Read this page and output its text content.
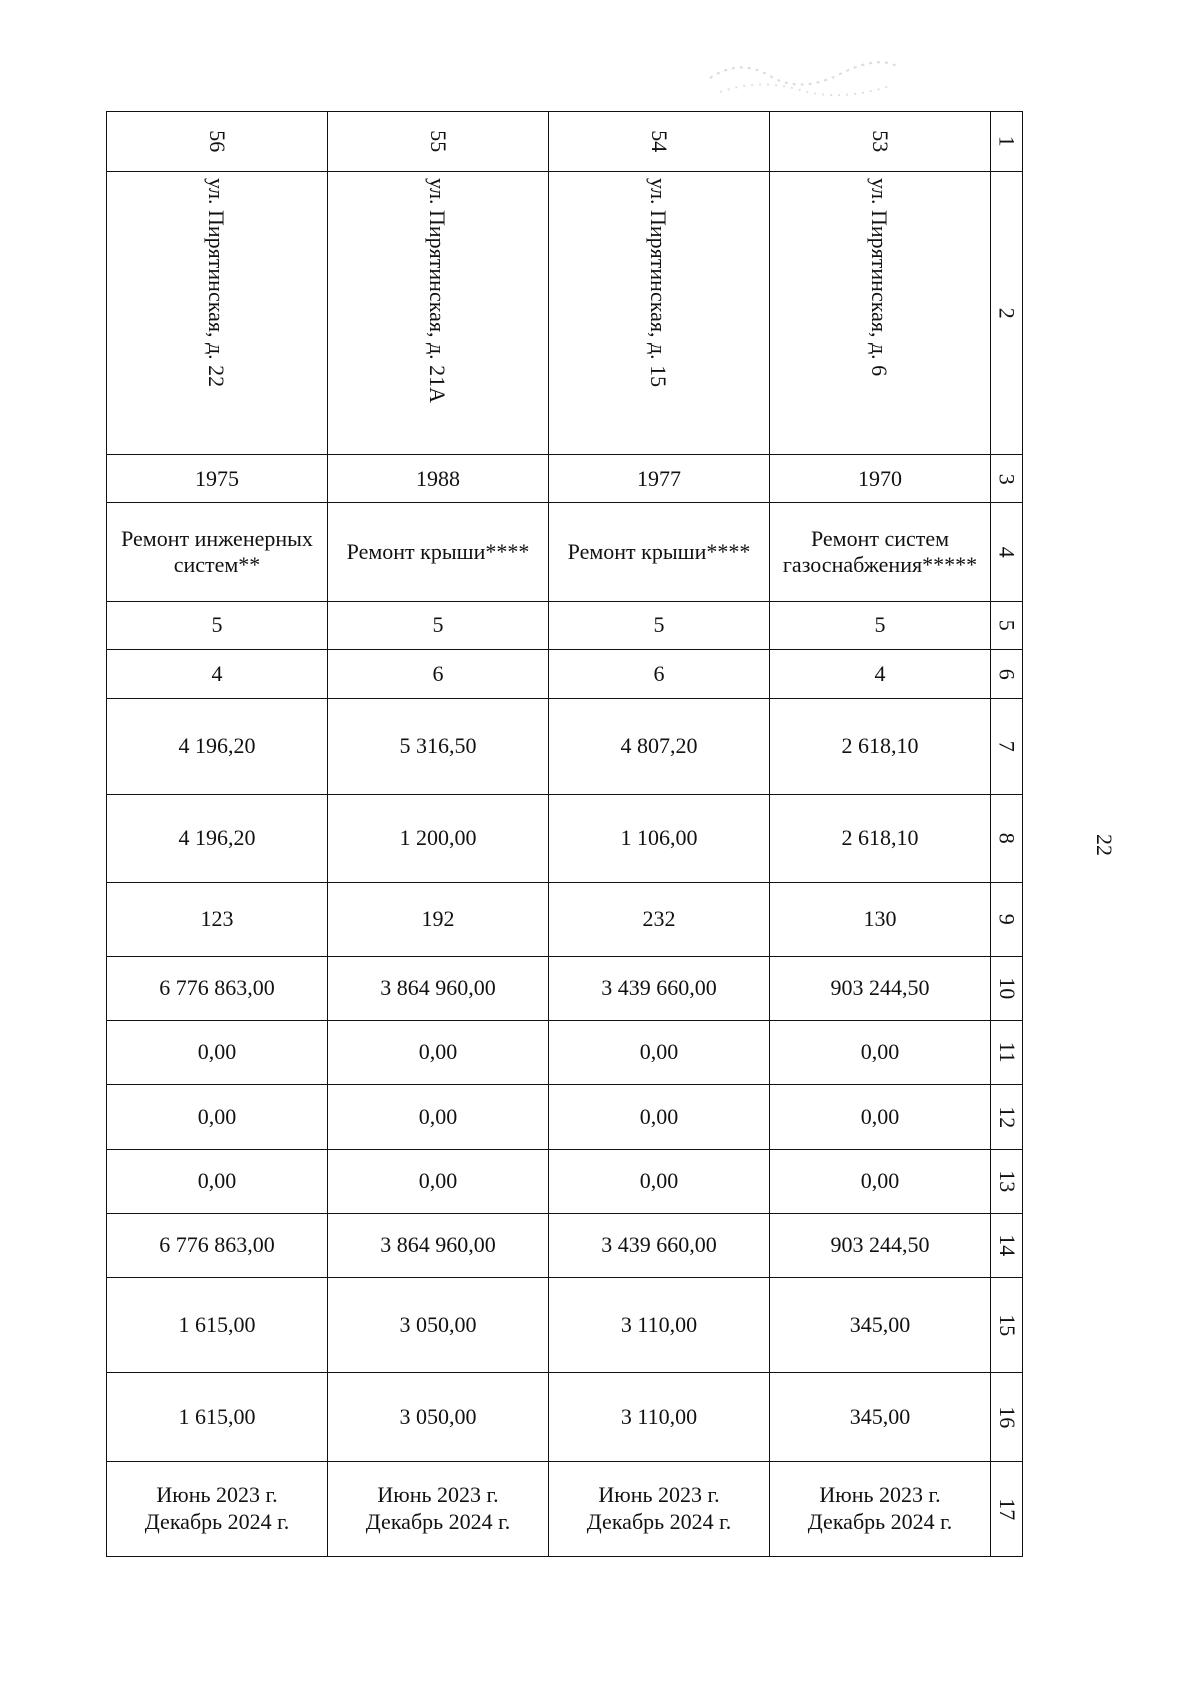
22
56	55	54	53	1

ул. Пирятинская, д. 22	ул. Пирятинская, д. 21А	ул. Пирятинская, д. 15	ул. Пирятинская, д. 6	2
1975	1988	1977	1970	3

Ремонт инженерных
систем**	Ремонт крыши****	Ремонт крыши****	Ремонт систем
газоснабжения*****	4
5	5	5	5	5
4	6	6	4	6
4 196,20	5 316,50	4 807,20	2 618,10	7
4 196,20	1 200,00	1 106,00	2 618,10	8
123	192	232	130	9
6 776 863,00	3 864 960,00	3 439 660,00	903 244,50	10
0,00	0,00	0,00	0,00	11
0,00	0,00	0,00	0,00	12
0,00	0,00	0,00	0,00	13
6 776 863,00	3 864 960,00	3 439 660,00	903 244,50	14
1 615,00	3 050,00	3 110,00	345,00	15
1 615,00	3 050,00	3 110,00	345,00	16

Июнь 2023 г.
Декабрь 2024 г.	Июнь 2023 г.
Декабрь 2024 г.	Июнь 2023 г.
Декабрь 2024 г.	Июнь 2023 г.
Декабрь 2024 г.	17
